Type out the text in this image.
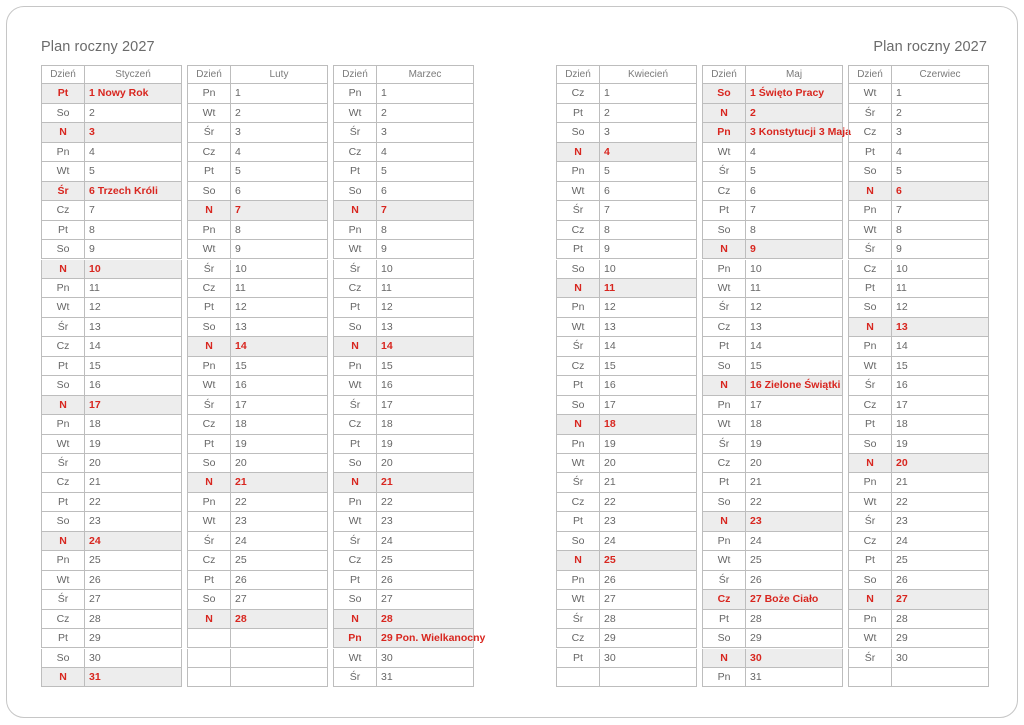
Plan roczny 2027	Plan roczny 2027
Dzień	Styczeń
Pt	1 Nowy Rok
So	2
N	3
Pn	4
Wt	5
Śr	6 Trzech Króli
Cz	7
Pt	8
So	9
N	10
Pn	11
Wt	12
Śr	13
Cz	14
Pt	15
So	16
N	17
Pn	18
Wt	19
Śr	20
Cz	21
Pt	22
So	23
N	24
Pn	25
Wt	26
Śr	27
Cz	28
Pt	29
So	30
N	31
Dzień	Luty
Pn	1
Wt	2
Śr	3
Cz	4
Pt	5
So	6
N	7
Pn	8
Wt	9
Śr	10
Cz	11
Pt	12
So	13
N	14
Pn	15
Wt	16
Śr	17
Cz	18
Pt	19
So	20
N	21
Pn	22
Wt	23
Śr	24
Cz	25
Pt	26
So	27
N	28
Dzień	Marzec
Pn	1
Wt	2
Śr	3
Cz	4
Pt	5
So	6
N	7
Pn	8
Wt	9
Śr	10
Cz	11
Pt	12
So	13
N	14
Pn	15
Wt	16
Śr	17
Cz	18
Pt	19
So	20
N	21
Pn	22
Wt	23
Śr	24
Cz	25
Pt	26
So	27
N	28
Pn	29 Pon. Wielkanocny
Wt	30
Śr	31
Dzień	Kwiecień
Cz	1
Pt	2
So	3
N	4
Pn	5
Wt	6
Śr	7
Cz	8
Pt	9
So	10
N	11
Pn	12
Wt	13
Śr	14
Cz	15
Pt	16
So	17
N	18
Pn	19
Wt	20
Śr	21
Cz	22
Pt	23
So	24
N	25
Pn	26
Wt	27
Śr	28
Cz	29
Pt	30
Dzień	Maj
So	1 Święto Pracy
N	2
Pn	3 Konstytucji 3 Maja
Wt	4
Śr	5
Cz	6
Pt	7
So	8
N	9
Pn	10
Wt	11
Śr	12
Cz	13
Pt	14
So	15
N	16 Zielone Świątki
Pn	17
Wt	18
Śr	19
Cz	20
Pt	21
So	22
N	23
Pn	24
Wt	25
Śr	26
Cz	27 Boże Ciało
Pt	28
So	29
N	30
Pn	31
Dzień	Czerwiec
Wt	1
Śr	2
Cz	3
Pt	4
So	5
N	6
Pn	7
Wt	8
Śr	9
Cz	10
Pt	11
So	12
N	13
Pn	14
Wt	15
Śr	16
Cz	17
Pt	18
So	19
N	20
Pn	21
Wt	22
Śr	23
Cz	24
Pt	25
So	26
N	27
Pn	28
Wt	29
Śr	30
